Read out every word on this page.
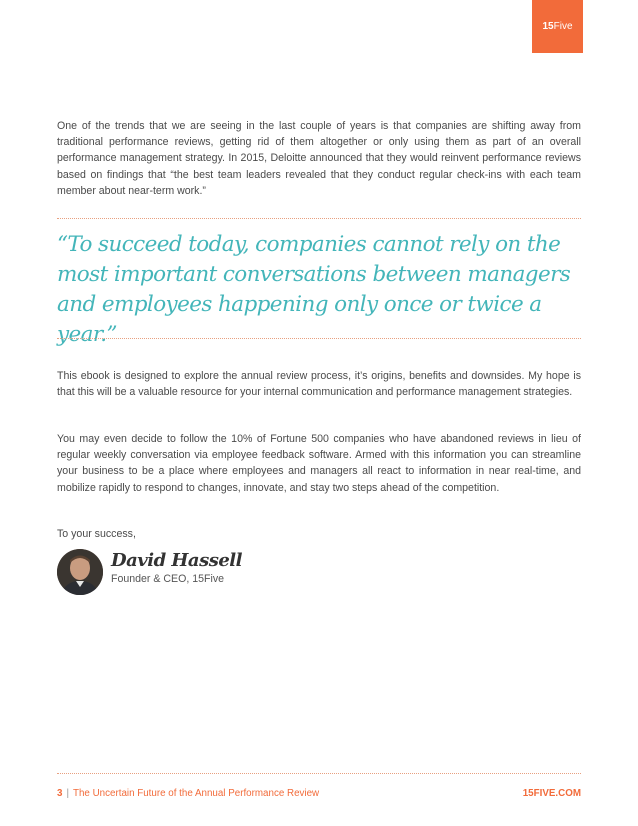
15 Five

One of the trends that we are seeing in the last couple of years is that companies are shifting away from traditional performance reviews, getting rid of them altogether or only using them as part of an overall performance management strategy. In 2015, Deloitte announced that they would reinvent performance reviews based on findings that “the best team leaders revealed that they conduct regular check-ins with each team member about near-term work.”

“To succeed today, companies cannot rely on the most important conversations between managers and employees happening only once or twice a year.”

This ebook is designed to explore the annual review process, it’s origins, benefits and downsides. My hope is that this will be a valuable resource for your internal communication and performance management strategies.

You may even decide to follow the 10% of Fortune 500 companies who have abandoned reviews in lieu of regular weekly conversation via employee feedback software. Armed with this information you can streamline your business to be a place where employees and managers all react to information in near real-time, and mobilize rapidly to respond to changes, innovate, and stay two steps ahead of the competition.

To your success,

David Hassell
Founder & CEO, 15Five
3 | The Uncertain Future of the Annual Performance Review	15FIVE.COM
